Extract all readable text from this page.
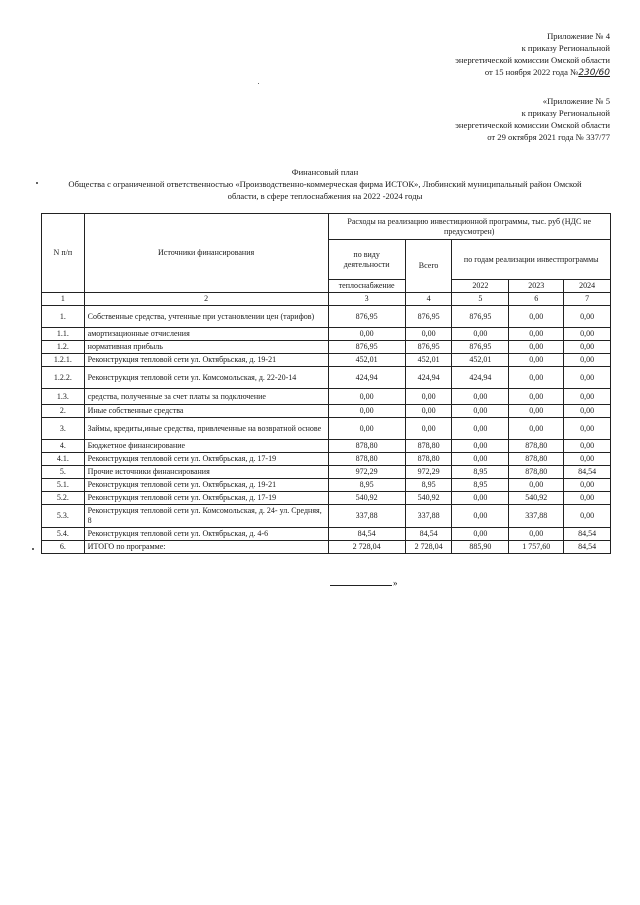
Приложение № 4
к приказу Региональной
энергетической комиссии Омской области
от 15 ноября 2022 года №230/60
«Приложение № 5
к приказу Региональной
энергетической комиссии Омской области
от 29 октября 2021 года № 337/77
Финансовый план
Общества с ограниченной ответственностью «Производственно-коммерческая фирма ИСТОК», Любинский муниципальный район Омской
области, в сфере теплоснабжения на 2022 -2024 годы
N п/п	Источники финансирования	Расходы на реализацию инвестиционной программы, тыс. руб (НДС не предусмотрен)				
		по виду деятельности	Всего	по годам реализации инвестпрограммы		
		теплоснабжение		2022	2023	2024
1	2	3	4	5	6	7
1.	Собственные средства, учтенные при установлении цен (тарифов)	876,95	876,95	876,95	0,00	0,00
1.1.	амортизационные отчисления	0,00	0,00	0,00	0,00	0,00
1.2.	нормативная прибыль	876,95	876,95	876,95	0,00	0,00
1.2.1.	Реконструкция тепловой сети ул. Октябрьская, д. 19-21	452,01	452,01	452,01	0,00	0,00
1.2.2.	Реконструкция тепловой сети ул. Комсомольская, д. 22-20-14	424,94	424,94	424,94	0,00	0,00
1.3.	средства, полученные за счет платы за подключение	0,00	0,00	0,00	0,00	0,00
2.	Иные собственные средства	0,00	0,00	0,00	0,00	0,00
3.	Займы, кредиты,иные средства, привлеченные на возвратной основе	0,00	0,00	0,00	0,00	0,00
4.	Бюджетное финансирование	878,80	878,80	0,00	878,80	0,00
4.1.	Реконструкция тепловой сети ул. Октябрьская, д. 17-19	878,80	878,80	0,00	878,80	0,00
5.	Прочие источники финансирования	972,29	972,29	8,95	878,80	84,54
5.1.	Реконструкция тепловой сети ул. Октябрьская, д. 19-21	8,95	8,95	8,95	0,00	0,00
5.2.	Реконструкция тепловой сети ул. Октябрьская, д. 17-19	540,92	540,92	0,00	540,92	0,00
5.3.	Реконструкция тепловой сети ул. Комсомольская, д. 24- ул. Средняя, 8	337,88	337,88	0,00	337,88	0,00
5.4.	Реконструкция тепловой сети ул. Октябрьская, д. 4-6	84,54	84,54	0,00	0,00	84,54
6.	ИТОГО по программе:	2 728,04	2 728,04	885,90	1 757,60	84,54
»
